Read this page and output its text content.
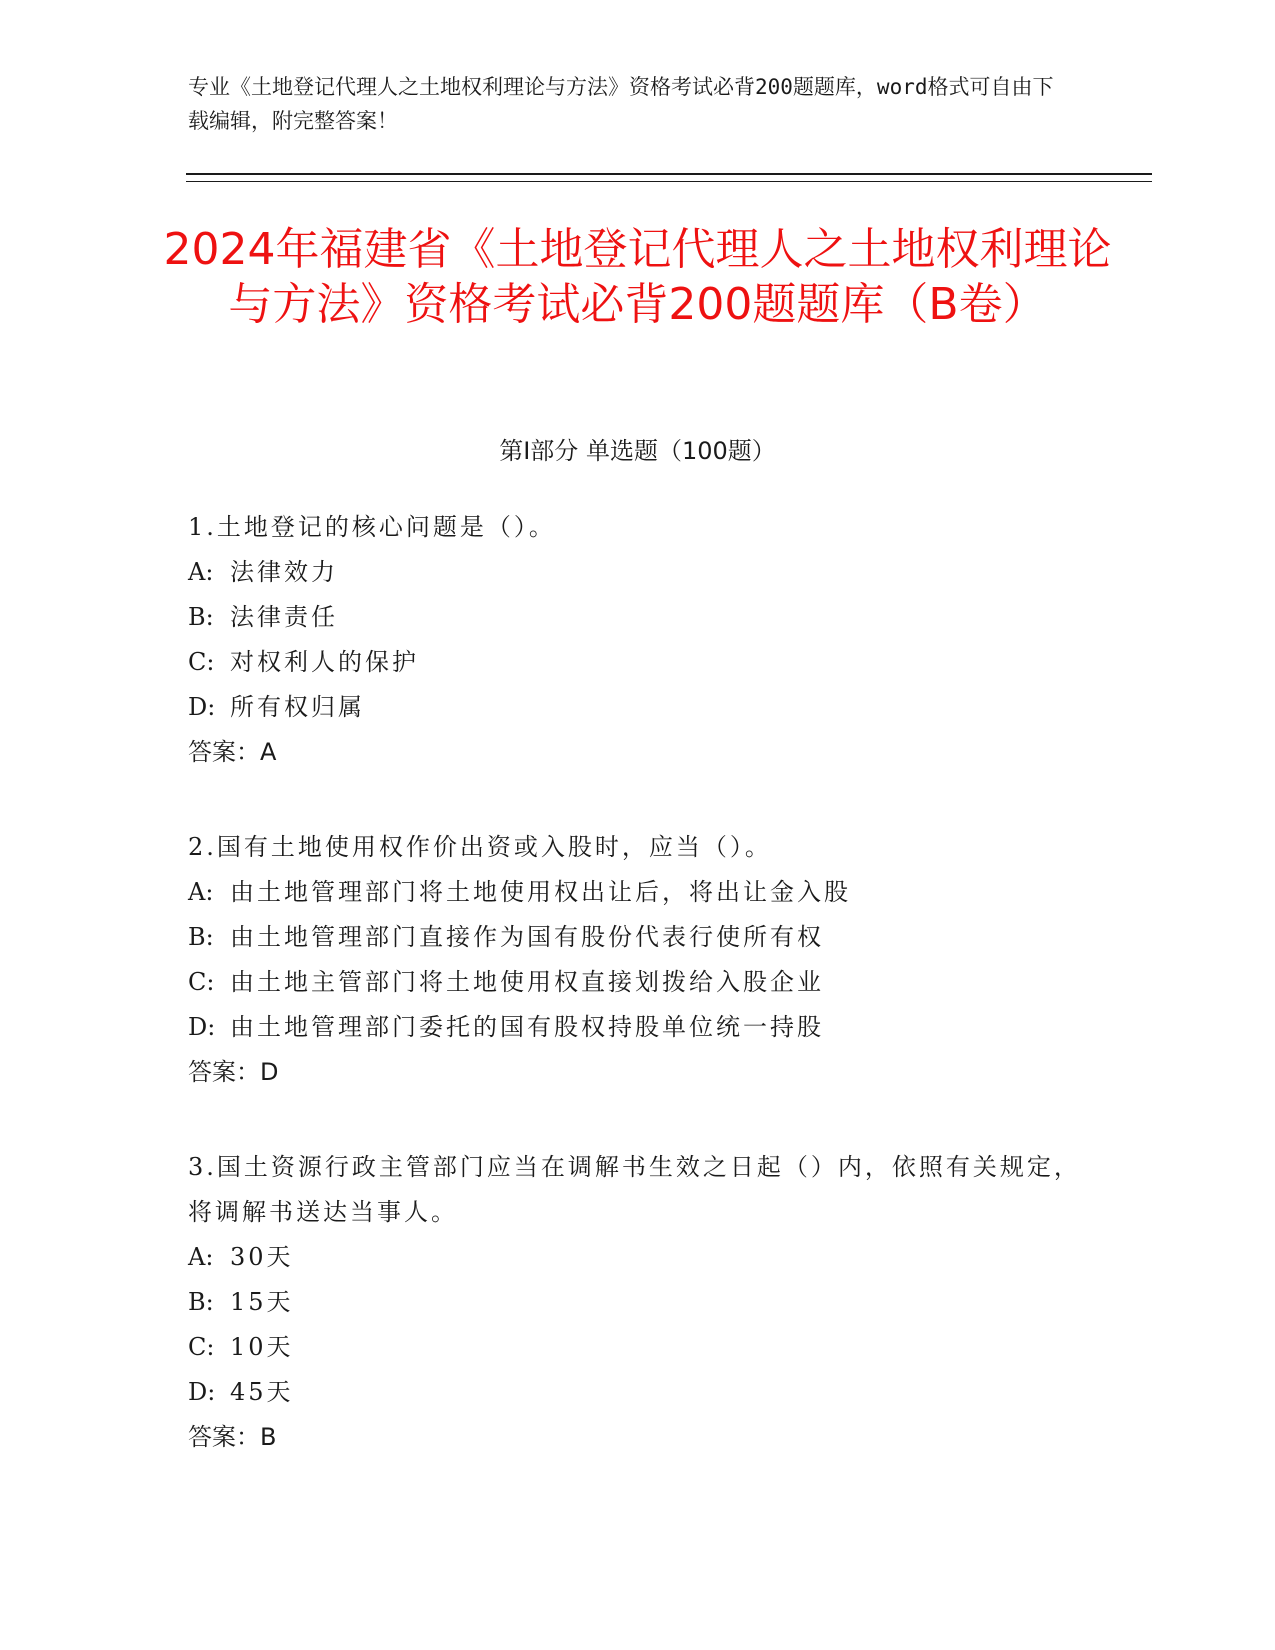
专业《土地登记代理人之土地权利理论与方法》资格考试必背200题题库，word格式可自由下载编辑，附完整答案！
2024年福建省《土地登记代理人之土地权利理论与方法》资格考试必背200题题库（B卷）
第I部分 单选题（100题）
1.土地登记的核心问题是（）。
A: 法律效力
B: 法律责任
C: 对权利人的保护
D: 所有权归属
答案：A
2.国有土地使用权作价出资或入股时，应当（）。
A: 由土地管理部门将土地使用权出让后，将出让金入股
B: 由土地管理部门直接作为国有股份代表行使所有权
C: 由土地主管部门将土地使用权直接划拨给入股企业
D: 由土地管理部门委托的国有股权持股单位统一持股
答案：D
3.国土资源行政主管部门应当在调解书生效之日起（）内，依照有关规定，将调解书送达当事人。
A: 30天
B: 15天
C: 10天
D: 45天
答案：B
